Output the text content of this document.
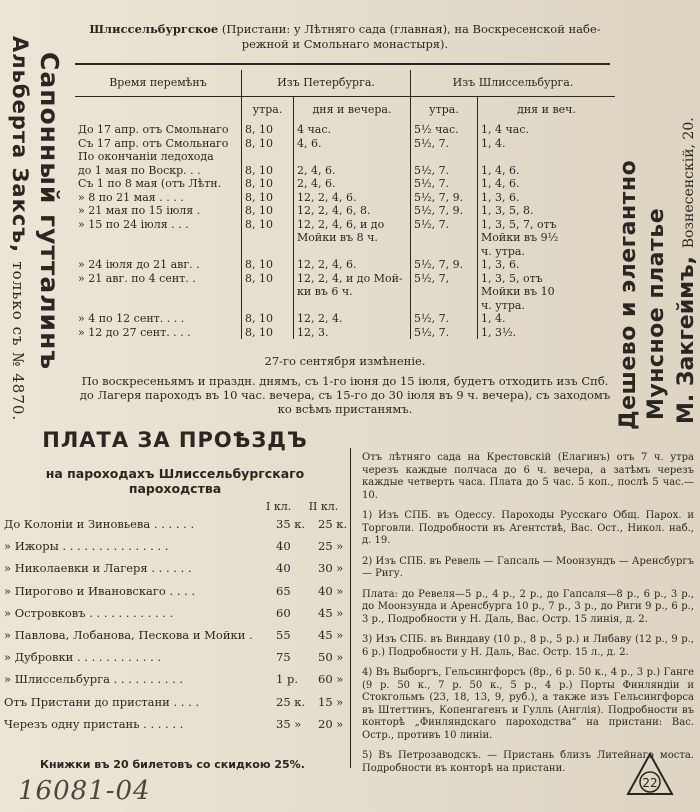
Сапонный гутталинъ
Альберта Заксъ, только съ № 4870.	Дешево и элегантно Мунсное платье М. Закгеймъ, Вознесенскій, 20.
Шлиссельбургское (Пристани: у Лѣтняго сада (главная), на Воскресенской набе-
режной и Смольнаго монастыря).
Время перемѣнъ	Изъ Петербурга.		Изъ Шлиссельбурга.	
	утра.	дня и вечера.	утра.	дня и веч.
До 17 апр. отъ Смольнаго	8, 10	4 час.	5½ час.	1, 4 час.
Съ 17 апр. отъ Смольнаго	8, 10	4, 6.	5½, 7.	1, 4.
По окончаніи ледохода				
до 1 мая по Воскр. . .	8, 10	2, 4, 6.	5½, 7.	1, 4, 6.
Съ 1 по 8 мая (отъ Лѣтн.	8, 10	2, 4, 6.	5½, 7.	1, 4, 6.
» 8 по 21 мая . . . .	8, 10	12, 2, 4, 6.	5½, 7, 9.	1, 3, 6.
» 21 мая по 15 іюля .	8, 10	12, 2, 4, 6, 8.	5½, 7, 9.	1, 3, 5, 8.
» 15 по 24 іюля . . .	8, 10	12, 2, 4, 6, и до	5½, 7.	1, 3, 5, 7, отъ
		Мойки въ 8 ч.		Мойки въ 9½
				ч. утра.
» 24 іюля до 21 авг. .	8, 10	12, 2, 4, 6.	5½, 7, 9.	1, 3, 6.
» 21 авг. по 4 сент. .	8, 10	12, 2, 4, и до Мой-	5½, 7,	1, 3, 5, отъ
		ки въ 6 ч.		Мойки въ 10
				ч. утра.
» 4 по 12 сент. . . .	8, 10	12, 2, 4.	5½, 7.	1, 4.
» 12 до 27 сент. . . .	8, 10	12, 3.	5½, 7.	1, 3½.
27-го сентября измѣненіе.
По воскресеньямъ и праздн. днямъ, съ 1-го іюня до 15 іюля, будетъ отходить изъ Спб. до Лагеря пароходъ въ 10 час. вечера, съ 15-го до 30 іюля въ 9 ч. вечера), съ заходомъ ко всѣмъ пристанямъ.
ПЛАТА ЗА ПРОѢЗДЪ
на пароходахъ Шлиссельбургскаго пароходства
I кл. II кл.
До Колоніи и Зиновьева . . . . . .	35 к. 25 к.
» Ижоры . . . . . . . . . . . . . . .	40 25 »
» Николаевки и Лагеря . . . . . .	40 30 »
» Пирогово и Ивановскаго . . . .	65 40 »
» Островковъ . . . . . . . . . . . .	60 45 »
» Павлова, Лобанова, Пескова и Мойки . 55 45 »
» Дубровки . . . . . . . . . . . .	75 50 »
» Шлиссельбурга . . . . . . . . . .	1 р. 60 »
Отъ Пристани до пристани . . . .	25 к. 15 »
Черезъ одну пристань . . . . . .	35 » 20 »
Книжки въ 20 билетовъ со скидкою 25%.
Отъ лѣтняго сада на Крестовскій (Елагинъ) отъ 7 ч. утра черезъ каждые полчаса до 6 ч. вечера, а затѣмъ черезъ каждые четверть часа. Плата до 5 час. 5 коп., послѣ 5 час.—10.
1) Изъ СПБ. въ Одессу. Пароходы Русскаго Общ. Парох. и Торговли. Подробности въ Агентствѣ, Вас. Ост., Никол. наб., д. 19.
2) Изъ СПБ. въ Ревель — Гапсаль — Моонзундъ — Аренсбургъ — Ригу.
Плата: до Ревеля—5 р., 4 р., 2 р., до Гапсаля—8 р., 6 р., 3 р., до Моонзунда и Аренсбурга 10 р., 7 р., 3 р., до Риги 9 р., 6 р., 3 р., Подробности у Н. Даль, Вас. Остр. 15 линія, д. 2.
3) Изъ СПБ. въ Виндаву (10 р., 8 р., 5 р.) и Либаву (12 р., 9 р., 6 р.) Подробности у Н. Даль, Вас. Остр. 15 л., д. 2.
4) Въ Выборгъ, Гельсингфорсъ (8р., 6 р. 50 к., 4 р., 3 р.) Ганге (9 р. 50 к., 7 р. 50 к., 5 р., 4 р.) Порты Финляндіи и Стокгольмъ (23, 18, 13, 9, руб.), а также изъ Гельсингфорса въ Штеттинъ, Копенгагенъ и Гулль (Англія). Подробности въ конторѣ „Финляндскаго пароходства“ на пристани: Вас. Остр., противъ 10 линіи.
5) Въ Петрозаводскъ. — Пристань близъ Литейнаго моста. Подробности въ конторѣ на пристани.
16081-04	22
